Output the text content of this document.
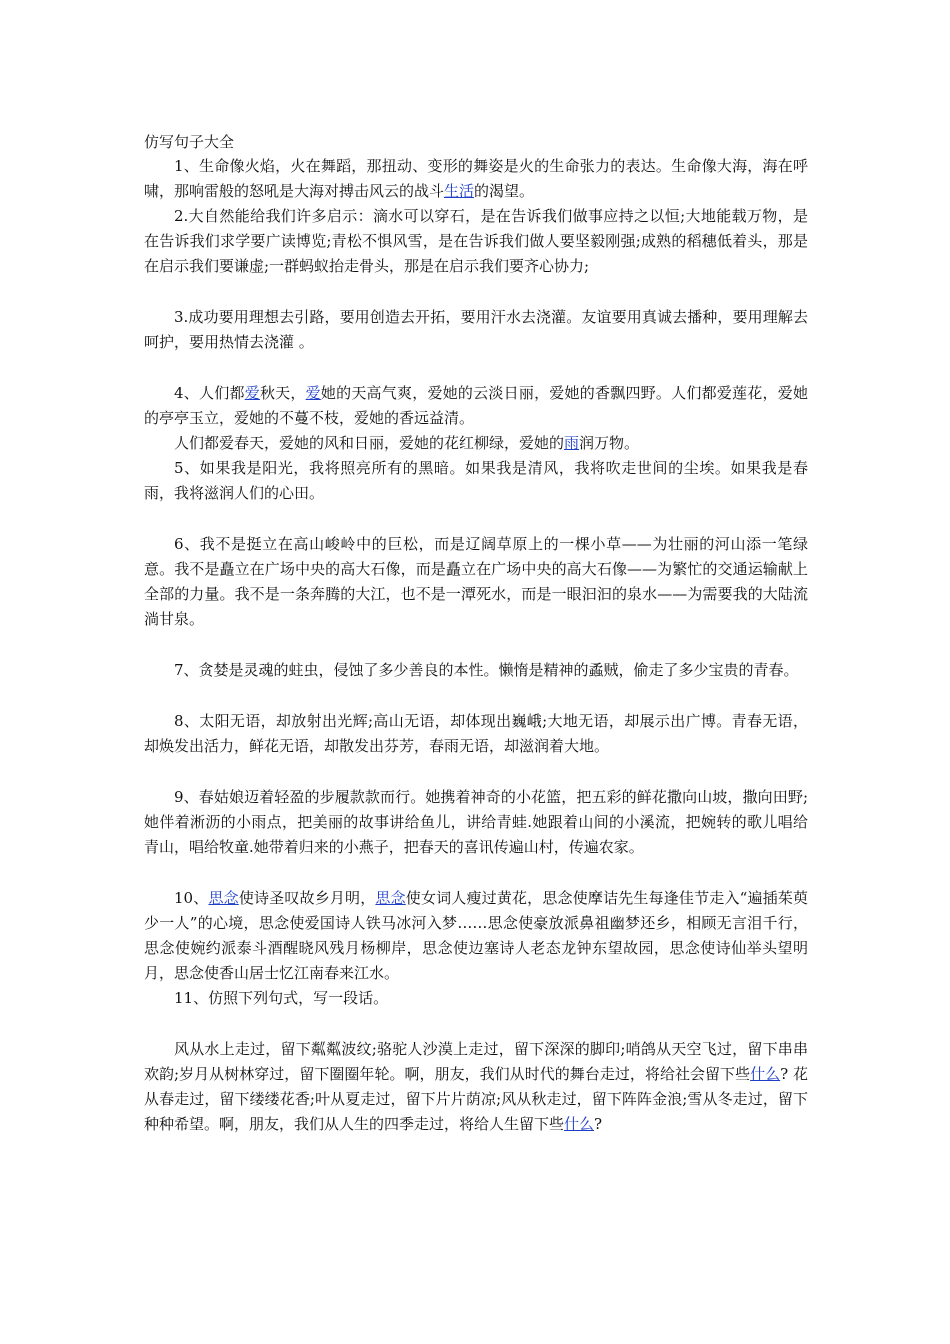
仿写句子大全

1、生命像火焰，火在舞蹈，那扭动、变形的舞姿是火的生命张力的表达。生命像大海，海在呼啸，那响雷般的怒吼是大海对搏击风云的战斗生活的渴望。

2.大自然能给我们许多启示：滴水可以穿石，是在告诉我们做事应持之以恒;大地能载万物，是在告诉我们求学要广读博览;青松不惧风雪，是在告诉我们做人要坚毅刚强;成熟的稻穗低着头，那是在启示我们要谦虚;一群蚂蚁抬走骨头，那是在启示我们要齐心协力;

3.成功要用理想去引路，要用创造去开拓，要用汗水去浇灌。友谊要用真诚去播种，要用理解去呵护，要用热情去浇灌 。

4、人们都爱秋天，爱她的天高气爽，爱她的云淡日丽，爱她的香飘四野。人们都爱莲花，爱她的亭亭玉立，爱她的不蔓不枝，爱她的香远益清。

人们都爱春天，爱她的风和日丽，爱她的花红柳绿，爱她的雨润万物。

5、如果我是阳光，我将照亮所有的黑暗。如果我是清风，我将吹走世间的尘埃。如果我是春雨，我将滋润人们的心田。

6、我不是挺立在高山峻岭中的巨松，而是辽阔草原上的一棵小草——为壮丽的河山添一笔绿意。我不是矗立在广场中央的高大石像，而是矗立在广场中央的高大石像——为繁忙的交通运输献上全部的力量。我不是一条奔腾的大江，也不是一潭死水，而是一眼汩汩的泉水——为需要我的大陆流淌甘泉。

7、贪婪是灵魂的蛀虫，侵蚀了多少善良的本性。懒惰是精神的蟊贼，偷走了多少宝贵的青春。

8、太阳无语，却放射出光辉;高山无语，却体现出巍峨;大地无语，却展示出广博。青春无语，却焕发出活力，鲜花无语，却散发出芬芳，春雨无语，却滋润着大地。

9、春姑娘迈着轻盈的步履款款而行。她携着神奇的小花篮，把五彩的鲜花撒向山坡，撒向田野;她伴着淅沥的小雨点，把美丽的故事讲给鱼儿，讲给青蛙.她跟着山间的小溪流，把婉转的歌儿唱给青山，唱给牧童.她带着归来的小燕子，把春天的喜讯传遍山村，传遍农家。

10、思念使诗圣叹故乡月明，思念使女词人瘦过黄花，思念使摩诘先生每逢佳节走入“遍插茱萸少一人”的心境，思念使爱国诗人铁马冰河入梦……思念使豪放派鼻祖幽梦还乡，相顾无言泪千行，思念使婉约派泰斗酒醒晓风残月杨柳岸，思念使边塞诗人老态龙钟东望故园，思念使诗仙举头望明月，思念使香山居士忆江南春来江水。

11、仿照下列句式，写一段话。

风从水上走过，留下粼粼波纹;骆驼人沙漠上走过，留下深深的脚印;哨鸽从天空飞过，留下串串欢韵;岁月从树林穿过，留下圈圈年轮。啊，朋友，我们从时代的舞台走过，将给社会留下些什么? 花从春走过，留下缕缕花香;叶从夏走过，留下片片荫凉;风从秋走过，留下阵阵金浪;雪从冬走过，留下种种希望。啊，朋友，我们从人生的四季走过，将给人生留下些什么?
